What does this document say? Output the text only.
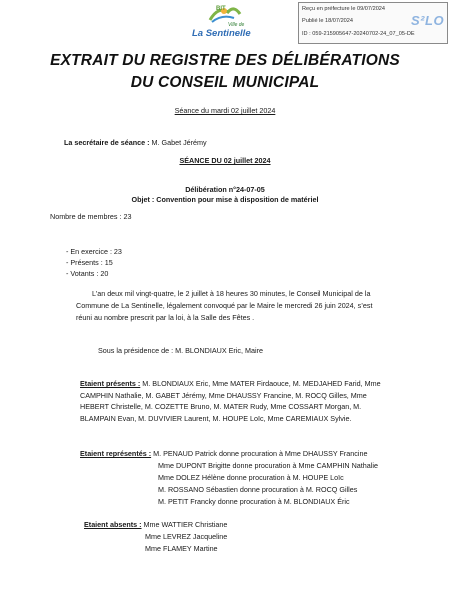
BIT
Ville de
La Sentinelle
Reçu en préfecture le 09/07/2024
Publié le 18/07/2024
ID : 059-215905647-20240702-24_07_05-DE
S²LO
EXTRAIT DU REGISTRE DES DÉLIBÉRATIONS
DU CONSEIL MUNICIPAL
Séance du mardi 02 juillet 2024
La secrétaire de séance : M. Gabet Jérémy
SÉANCE DU 02 juillet 2024
Délibération n°24-07-05
Objet : Convention pour mise à disposition de matériel
Nombre de membres : 23
- En exercice : 23
- Présents : 15
- Votants : 20
L’an deux mil vingt-quatre, le 2 juillet à 18 heures 30 minutes, le Conseil Municipal de la
Commune de La Sentinelle, légalement convoqué par le Maire le mercredi 26 juin 2024, s’est
réuni au nombre prescrit par la loi, à la Salle des Fêtes .
Sous la présidence de : M. BLONDIAUX Eric, Maire
Etaient présents : M. BLONDIAUX Eric, Mme MATER Firdaouce, M. MEDJAHED Farid, Mme
CAMPHIN Nathalie, M. GABET Jérémy, Mme DHAUSSY Francine, M. ROCQ Gilles, Mme
HEBERT Christelle, M. COZETTE Bruno, M. MATER Rudy, Mme COSSART Morgan, M.
BLAMPAIN Evan, M. DUVIVIER Laurent, M. HOUPE Loïc, Mme CAREMIAUX Sylvie.
Etaient représentés : M. PENAUD Patrick donne procuration à Mme DHAUSSY Francine
Mme DUPONT Brigitte donne procuration à Mme CAMPHIN Nathalie
Mme DOLEZ Hélène donne procuration à M. HOUPE Loïc
M. ROSSANO Sébastien donne procuration à M. ROCQ Gilles
M. PETIT Francky donne procuration à M. BLONDIAUX Éric
Etaient absents : Mme WATTIER Christiane
Mme LEVREZ Jacqueline
Mme FLAMEY Martine
